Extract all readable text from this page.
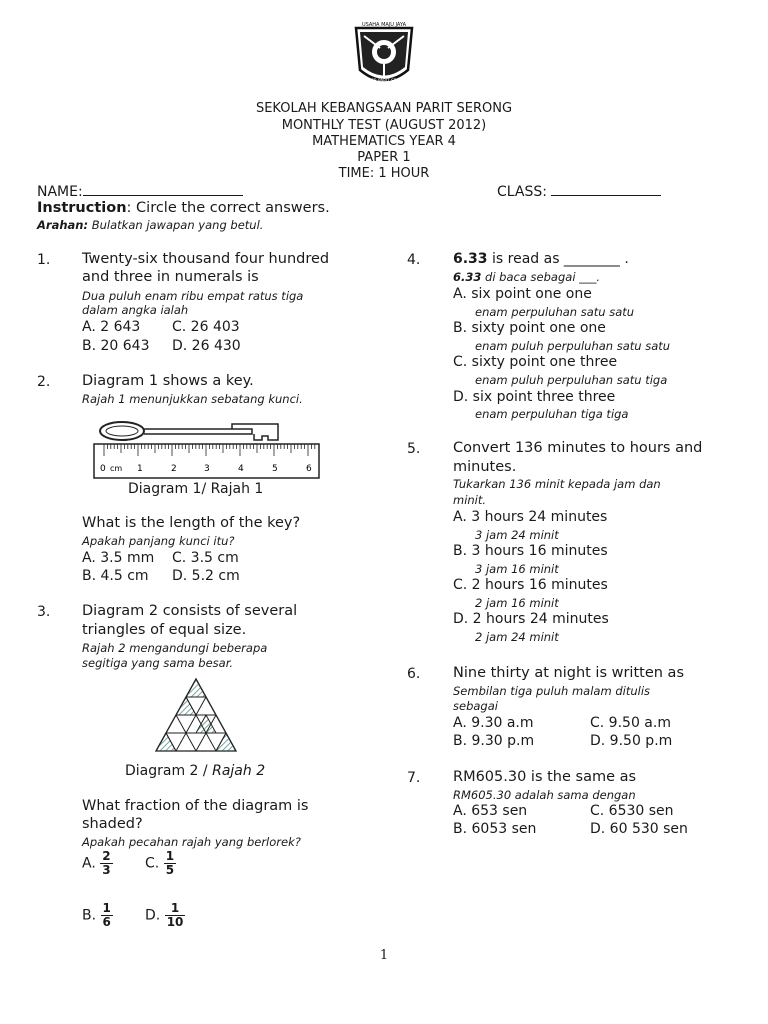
USAHA MAJU JAYA
SEK KEB PARIT SERONG
SEKOLAH KEBANGSAAN PARIT SERONG
MONTHLY TEST (AUGUST 2012)
MATHEMATICS YEAR 4
PAPER 1
TIME: 1 HOUR
NAME:	CLASS:
Instruction: Circle the correct answers.
Arahan: Bulatkan jawapan yang betul.
1. Twenty-six thousand four hundred
and three in numerals is
Dua puluh enam ribu empat ratus tiga
dalam angka ialah
A. 2 643 C. 26 403
B. 20 643 D. 26 430
2. Diagram 1 shows a key.
Rajah 1 menunjukkan sebatang kunci.
0 cm 1	2	3	4	5	6
Diagram 1/ Rajah 1
What is the length of the key?
Apakah panjang kunci itu?
A. 3.5 mm C. 3.5 cm
B. 4.5 cm D. 5.2 cm
3. Diagram 2 consists of several
triangles of equal size.
Rajah 2 mengandungi beberapa
segitiga yang sama besar.
Diagram 2 / Rajah 2
What fraction of the diagram is
shaded?
Apakah pecahan rajah yang berlorek?
A. $\frac{2}{3} C$. $\frac{1}{5}$
B. $\frac{1}{6} D$. $\frac{1}{10}$
4. 6.33 is read as ________ .
6.33 di baca sebagai ___.
A. six point one one
enam perpuluhan satu satu
B. sixty point one one
enam puluh perpuluhan satu satu
C. sixty point one three
enam puluh perpuluhan satu tiga
D. six point three three
enam perpuluhan tiga tiga
5. Convert 136 minutes to hours and
minutes.
Tukarkan 136 minit kepada jam dan
minit.
A. 3 hours 24 minutes
3 jam 24 minit
B. 3 hours 16 minutes
3 jam 16 minit
C. 2 hours 16 minutes
2 jam 16 minit
D. 2 hours 24 minutes
2 jam 24 minit
6. Nine thirty at night is written as
Sembilan tiga puluh malam ditulis
sebagai
A. 9.30 a.m	C. 9.50 a.m
B. 9.30 p.m	D. 9.50 p.m
7. RM605.30 is the same as
RM605.30 adalah sama dengan
A. 653 sen	C. 6530 sen
B. 6053 sen	D. 60 530 sen
1
